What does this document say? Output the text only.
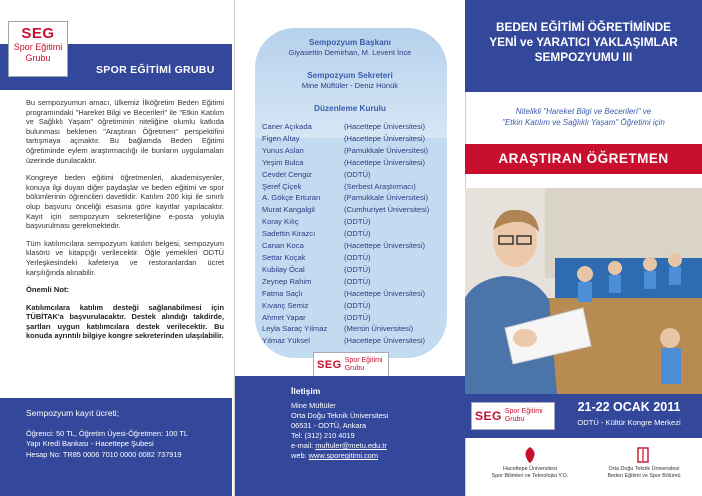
SEG
Spor Eğitimi
Grubu
SPOR EĞİTİMİ GRUBU

Bu sempozyumun amacı, ülkemiz İlköğretim Beden Eğitimi programındaki "Hareket Bilgi ve Becerileri" ile "Etkin Katılım ve Sağlıklı Yaşam" öğretiminin niteliğine olumlu katkıda bulunması beklenen "Araştıran Öğretmen" perspektifini tartışmaya açmaktır. Bu bağlamda Beden Eğitimi öğretiminde eylem araştırmacılığı ile bunların uygulamaları üzerinde durulacaktır.

Kongreye beden eğitimi öğretmenleri, akademisyenler, konuya ilgi duyan diğer paydaşlar ve beden eğitimi ve spor bölümlerinin öğrencileri davetlidir. Katılım 200 kişi ile sınırlı olup başvuru önceliği esasına göre kayıtlar yapılacaktır. Kayıt için sempozyum sekreterliğine e-posta yoluyla başvurulması gerekmektedir.

Tüm katılımcılara sempozyum katılım belgesi, sempozyum klasörü ve kitapçığı verilecektir. Öğle yemekleri ODTÜ Yerleşkesindeki kafeterya ve restoranlardan ücret karşılığında alınabilir.

Önemli Not:

Katılımcılara katılım desteği sağlanabilmesi için TÜBİTAK'a başvurulacaktır. Destek alındığı takdirde, şartları uygun katılımcılara destek verilecektir. Bu konuda ayrıntılı bilgiye kongre sekreterinden ulaşılabilir.

Sempozyum kayıt ücreti;
Öğrenci: 50 TL, Öğretim Üyesi-Öğretmen: 100 TL
Yapı Kredi Bankası - Hacettepe Şubesi
Hesap No: TR85 0006 7010 0000 0082 737919
Sempozyum Başkanı
Giyasettin Demirhan, M. Levent İnce
Sempozyum Sekreteri
Mine Müftüler - Deniz Hünük
Düzenleme Kurulu
Caner Açıkada	(Hacettepe Üniversitesi)
Figen Altay	(Hacettepe Üniversitesi)
Yunus Aslan	(Pamukkale Üniversitesi)
Yeşim Bulca	(Hacettepe Üniversitesi)
Cevdet Cengiz	(ODTÜ)
Şeref Çiçek	(Serbest Araştırmacı)
A. Gökçe Erturan	(Pamukkale Üniversitesi)
Murat Kangalgil	(Cumhuriyet Üniversitesi)
Koray Kılıç	(ODTÜ)
Sadettin Kirazcı	(ODTÜ)
Canan Koca	(Hacettepe Üniversitesi)
Settar Koçak	(ODTÜ)
Kubilay Öcal	(ODTÜ)
Zeynep Rahim	(ODTÜ)
Fatma Saçlı	(Hacettepe Üniversitesi)
Kıvanç Semiz	(ODTÜ)
Ahmet Yapar	(ODTÜ)
Leyla Saraç Yılmaz	(Mersin Üniversitesi)
Yılmaz Yüksel	(Hacettepe Üniversitesi)
SEG Spor Eğitimi
Grubu
İletişim
Mine Müftüler
Orta Doğu Teknik Üniversitesi
06531 - ODTÜ, Ankara
Tel: (312) 210 4019
e-mail: muftuler@metu.edu.tr
web: www.sporegitimi.com
BEDEN EĞİTİMİ ÖĞRETİMİNDE
YENİ ve YARATICI YAKLAŞIMLAR
SEMPOZYUMU III
Nitelikli "Hareket Bilgi ve Becerileri" ve
"Etkin Katılım ve Sağlıklı Yaşam" Öğretimi için
ARAŞTIRAN ÖĞRETMEN
SEG Spor Eğitimi
Grubu
21-22 OCAK 2011
ODTÜ - Kültür Kongre Merkezi
Hacettepe Üniversitesi
Spor Bilimleri ve Teknolojisi Y.O.
Orta Doğu Teknik Üniversitesi
Beden Eğitimi ve Spor Bölümü
